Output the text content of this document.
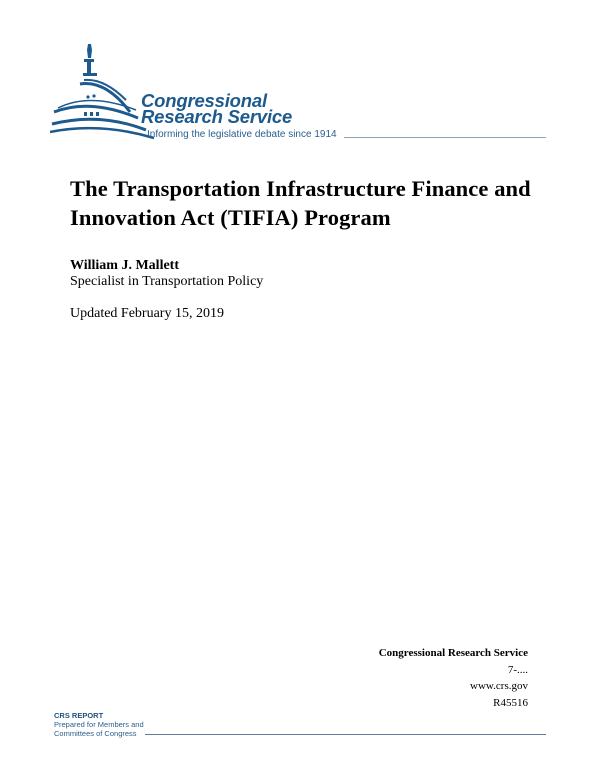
Congressional
Research Service
Informing the legislative debate since 1914
The Transportation Infrastructure Finance and Innovation Act (TIFIA) Program
William J. Mallett
Specialist in Transportation Policy
Updated February 15, 2019
Congressional Research Service
7-....
www.crs.gov
R45516
CRS REPORT
Prepared for Members and
Committees of Congress
